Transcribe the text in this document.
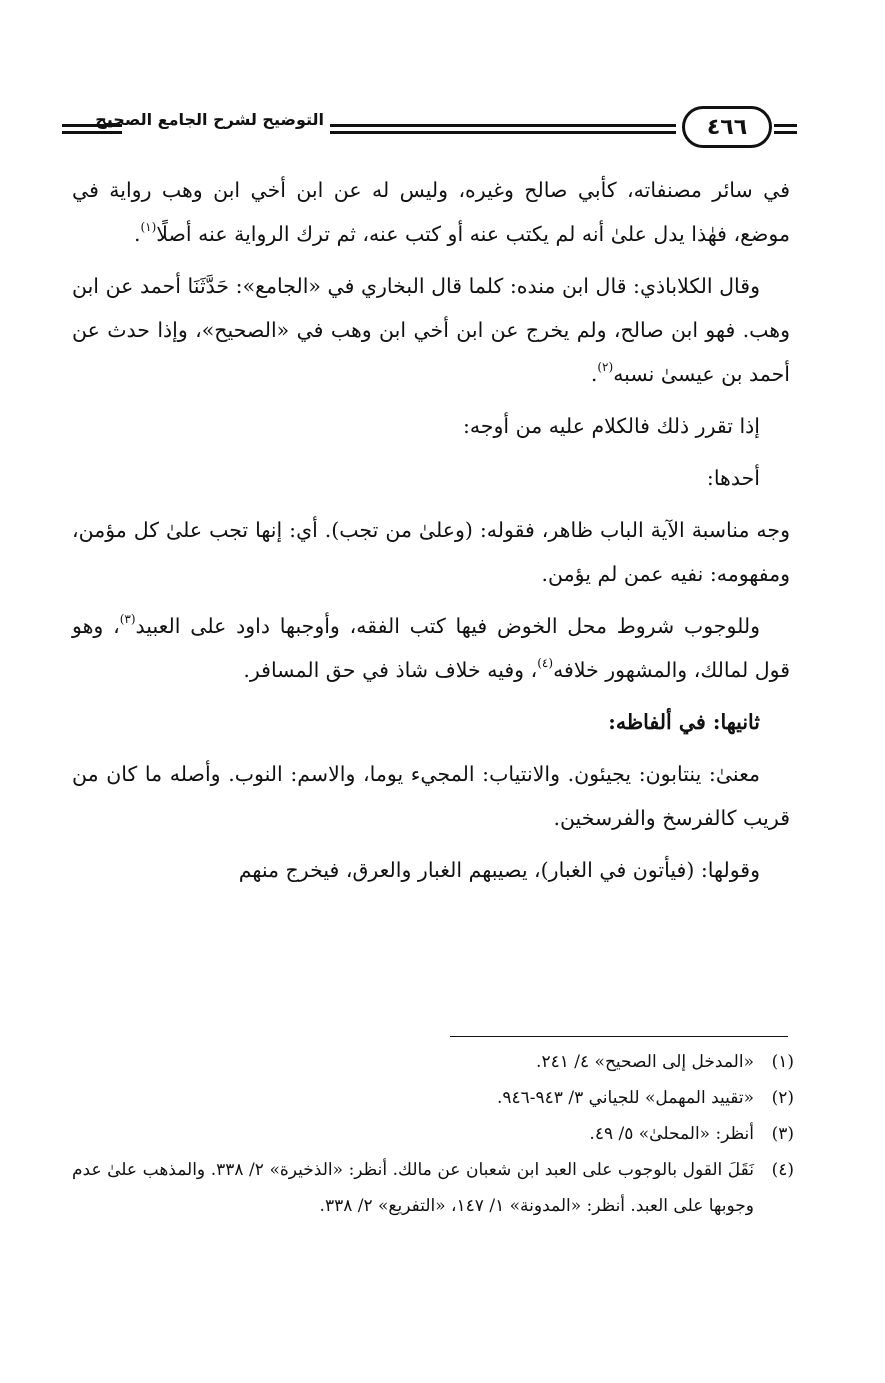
التوضيح لشرح الجامع الصحيح	٤٦٦

في سائر مصنفاته، كأبي صالح وغيره، وليس له عن ابن أخي ابن وهب رواية في موضع، فهٰذا يدل علىٰ أنه لم يكتب عنه أو كتب عنه، ثم ترك الرواية عنه أصلًا$^{(١)}$.

وقال الكلاباذي: قال ابن منده: كلما قال البخاري في «الجامع»: حَدَّثَنَا أحمد عن ابن وهب. فهو ابن صالح، ولم يخرج عن ابن أخي ابن وهب في «الصحيح»، وإذا حدث عن أحمد بن عيسىٰ نسبه$^{(٢)}$.

إذا تقرر ذلك فالكلام عليه من أوجه:

أحدها:

وجه مناسبة الآية الباب ظاهر، فقوله: (وعلىٰ من تجب). أي: إنها تجب علىٰ كل مؤمن، ومفهومه: نفيه عمن لم يؤمن.

وللوجوب شروط محل الخوض فيها كتب الفقه، وأوجبها داود على العبيد$^{(٣)}$، وهو قول لمالك، والمشهور خلافه$^{(٤)}$، وفيه خلاف شاذ في حق المسافر.

ثانيها: في ألفاظه:

معنىٰ: ينتابون: يجيئون. والانتياب: المجيء يوما، والاسم: النوب. وأصله ما كان من قريب كالفرسخ والفرسخين.

وقولها: (فيأتون في الغبار)، يصيبهم الغبار والعرق، فيخرج منهم

(١)
«المدخل إلى الصحيح» ٤/ ٢٤١.
(٢)
«تقييد المهمل» للجياني ٣/ ٩٤٣-٩٤٦.
(٣)
أنظر: «المحلىٰ» ٥/ ٤٩.
(٤)
نَقَلَ القول بالوجوب على العبد ابن شعبان عن مالك. أنظر: «الذخيرة» ٢/ ٣٣٨. والمذهب علىٰ عدم وجوبها على العبد. أنظر: «المدونة» ١/ ١٤٧، «التفريع» ٢/ ٣٣٨.
